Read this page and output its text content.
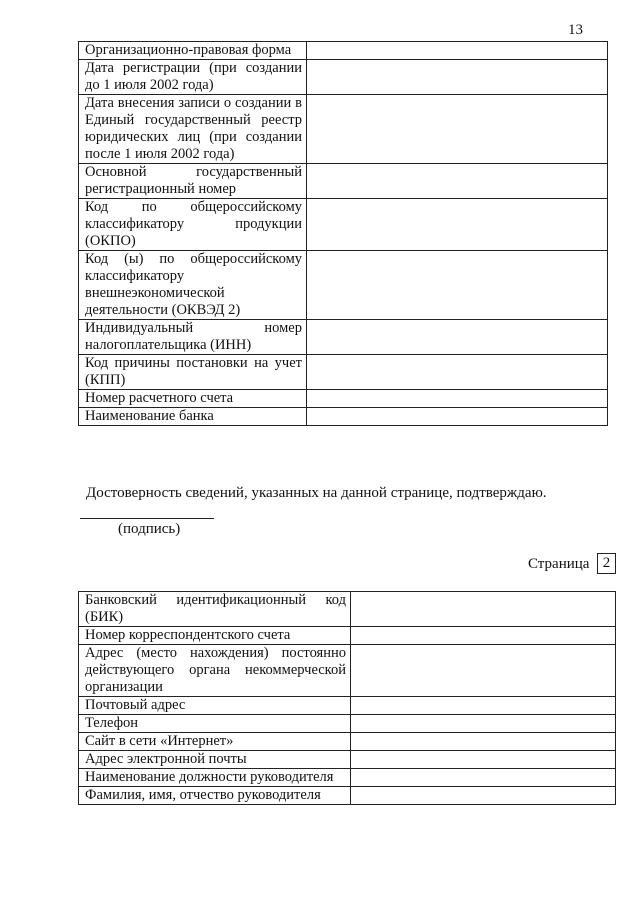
13
Организационно-правовая форма	
Дата регистрации (при создании до 1 июля 2002 года)	
Дата внесения записи о создании в Единый государственный реестр юридических лиц (при создании после 1 июля 2002 года)	
Основной государственный регистрационный номер	
Код по общероссийскому классификатору продукции (ОКПО)	
Код (ы) по общероссийскому классификатору внешнеэкономической деятельности (ОКВЭД 2)	
Индивидуальный номер налогоплательщика (ИНН)	
Код причины постановки на учет (КПП)	
Номер расчетного счета	
Наименование банка	
Достоверность сведений, указанных на данной странице, подтверждаю.
(подпись)
Страница 2
Банковский идентификационный код (БИК)	
Номер корреспондентского счета	
Адрес (место нахождения) постоянно действующего органа некоммерческой организации	
Почтовый адрес	
Телефон	
Сайт в сети «Интернет»	
Адрес электронной почты	
Наименование должности руководителя	
Фамилия, имя, отчество руководителя	
